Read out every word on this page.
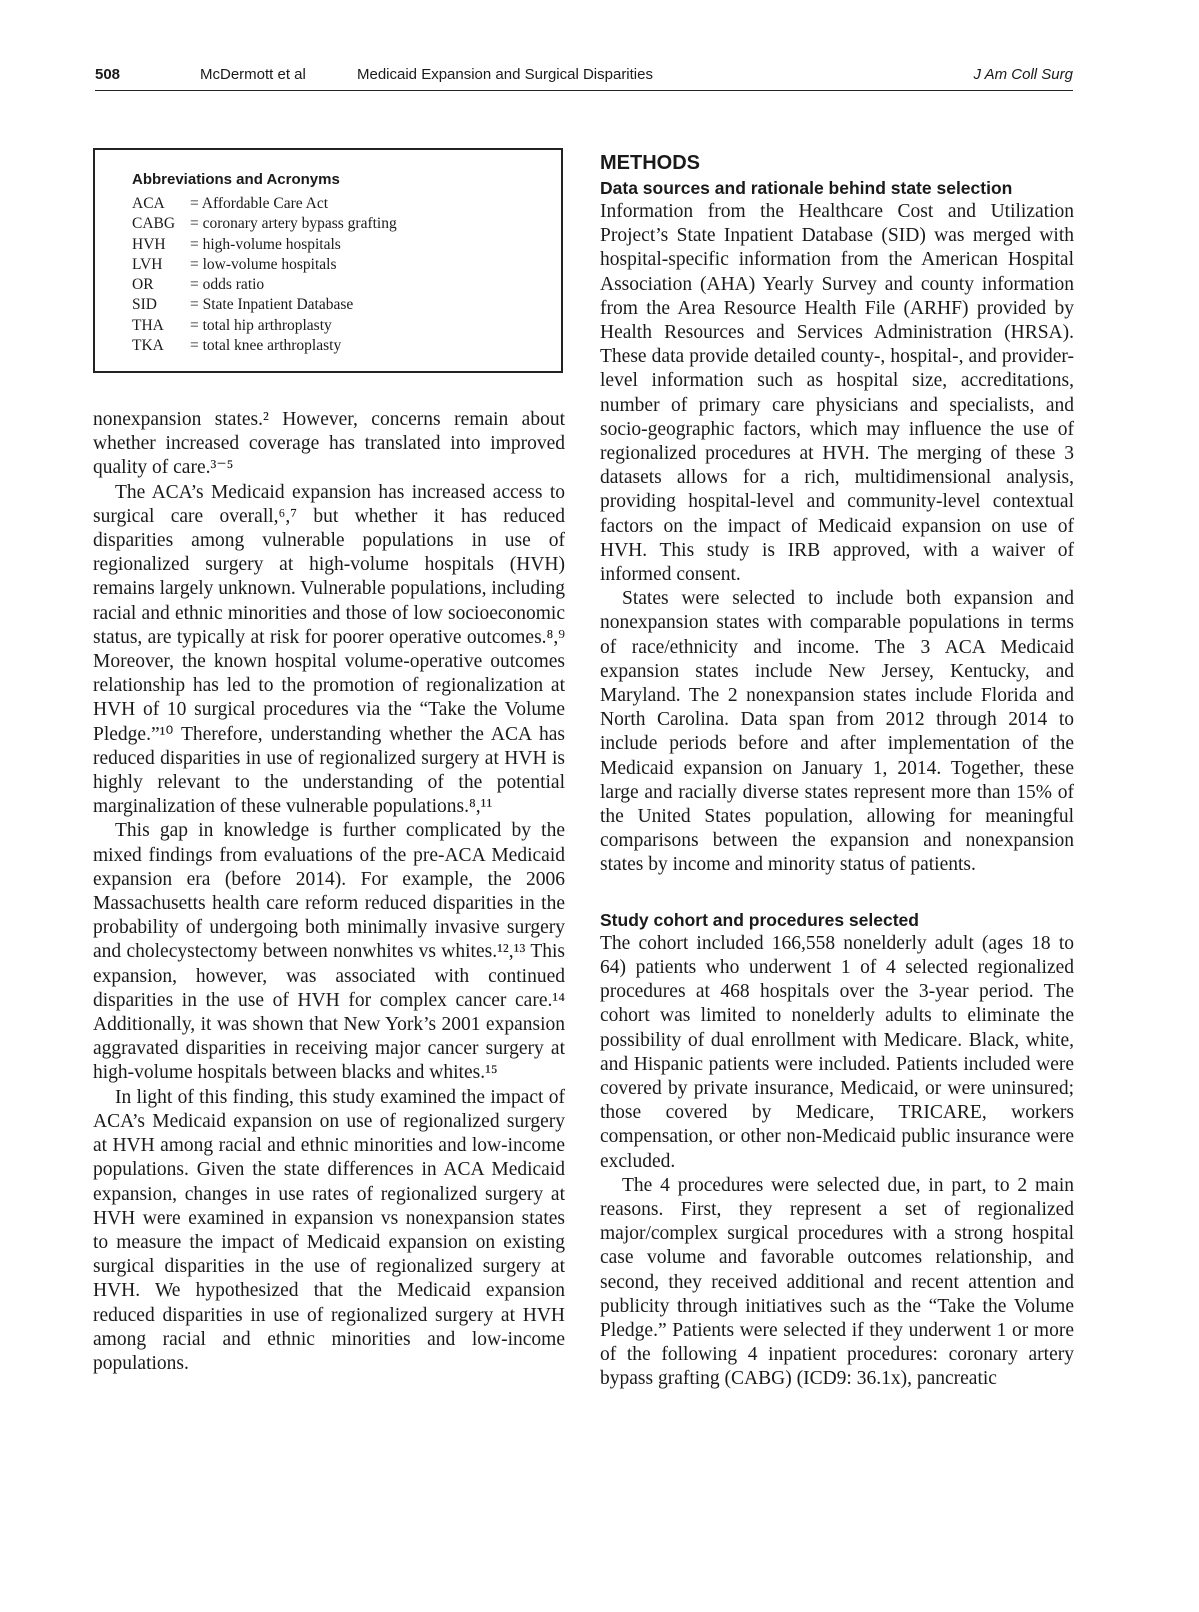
508	McDermott et al	Medicaid Expansion and Surgical Disparities	J Am Coll Surg
Abbreviations and Acronyms
ACA = Affordable Care Act
CABG = coronary artery bypass grafting
HVH = high-volume hospitals
LVH = low-volume hospitals
OR = odds ratio
SID = State Inpatient Database
THA = total hip arthroplasty
TKA = total knee arthroplasty

nonexpansion states.² However, concerns remain about whether increased coverage has translated into improved quality of care.³⁻⁵

The ACA’s Medicaid expansion has increased access to surgical care overall,⁶,⁷ but whether it has reduced disparities among vulnerable populations in use of regionalized surgery at high-volume hospitals (HVH) remains largely unknown. Vulnerable populations, including racial and ethnic minorities and those of low socioeconomic status, are typically at risk for poorer operative outcomes.⁸,⁹ Moreover, the known hospital volume-operative outcomes relationship has led to the promotion of regionalization at HVH of 10 surgical procedures via the “Take the Volume Pledge.”¹⁰ Therefore, understanding whether the ACA has reduced disparities in use of regionalized surgery at HVH is highly relevant to the understanding of the potential marginalization of these vulnerable populations.⁸,¹¹

This gap in knowledge is further complicated by the mixed findings from evaluations of the pre-ACA Medicaid expansion era (before 2014). For example, the 2006 Massachusetts health care reform reduced disparities in the probability of undergoing both minimally invasive surgery and cholecystectomy between nonwhites vs whites.¹²,¹³ This expansion, however, was associated with continued disparities in the use of HVH for complex cancer care.¹⁴ Additionally, it was shown that New York’s 2001 expansion aggravated disparities in receiving major cancer surgery at high-volume hospitals between blacks and whites.¹⁵

In light of this finding, this study examined the impact of ACA’s Medicaid expansion on use of regionalized surgery at HVH among racial and ethnic minorities and low-income populations. Given the state differences in ACA Medicaid expansion, changes in use rates of regionalized surgery at HVH were examined in expansion vs nonexpansion states to measure the impact of Medicaid expansion on existing surgical disparities in the use of regionalized surgery at HVH. We hypothesized that the Medicaid expansion reduced disparities in use of regionalized surgery at HVH among racial and ethnic minorities and low-income populations.

METHODS
Data sources and rationale behind state selection

Information from the Healthcare Cost and Utilization Project’s State Inpatient Database (SID) was merged with hospital-specific information from the American Hospital Association (AHA) Yearly Survey and county information from the Area Resource Health File (ARHF) provided by Health Resources and Services Administration (HRSA). These data provide detailed county-, hospital-, and provider-level information such as hospital size, accreditations, number of primary care physicians and specialists, and socio-geographic factors, which may influence the use of regionalized procedures at HVH. The merging of these 3 datasets allows for a rich, multidimensional analysis, providing hospital-level and community-level contextual factors on the impact of Medicaid expansion on use of HVH. This study is IRB approved, with a waiver of informed consent.

States were selected to include both expansion and nonexpansion states with comparable populations in terms of race/ethnicity and income. The 3 ACA Medicaid expansion states include New Jersey, Kentucky, and Maryland. The 2 nonexpansion states include Florida and North Carolina. Data span from 2012 through 2014 to include periods before and after implementation of the Medicaid expansion on January 1, 2014. Together, these large and racially diverse states represent more than 15% of the United States population, allowing for meaningful comparisons between the expansion and nonexpansion states by income and minority status of patients.

Study cohort and procedures selected

The cohort included 166,558 nonelderly adult (ages 18 to 64) patients who underwent 1 of 4 selected regionalized procedures at 468 hospitals over the 3-year period. The cohort was limited to nonelderly adults to eliminate the possibility of dual enrollment with Medicare. Black, white, and Hispanic patients were included. Patients included were covered by private insurance, Medicaid, or were uninsured; those covered by Medicare, TRICARE, workers compensation, or other non-Medicaid public insurance were excluded.

The 4 procedures were selected due, in part, to 2 main reasons. First, they represent a set of regionalized major/complex surgical procedures with a strong hospital case volume and favorable outcomes relationship, and second, they received additional and recent attention and publicity through initiatives such as the “Take the Volume Pledge.” Patients were selected if they underwent 1 or more of the following 4 inpatient procedures: coronary artery bypass grafting (CABG) (ICD9: 36.1x), pancreatic
